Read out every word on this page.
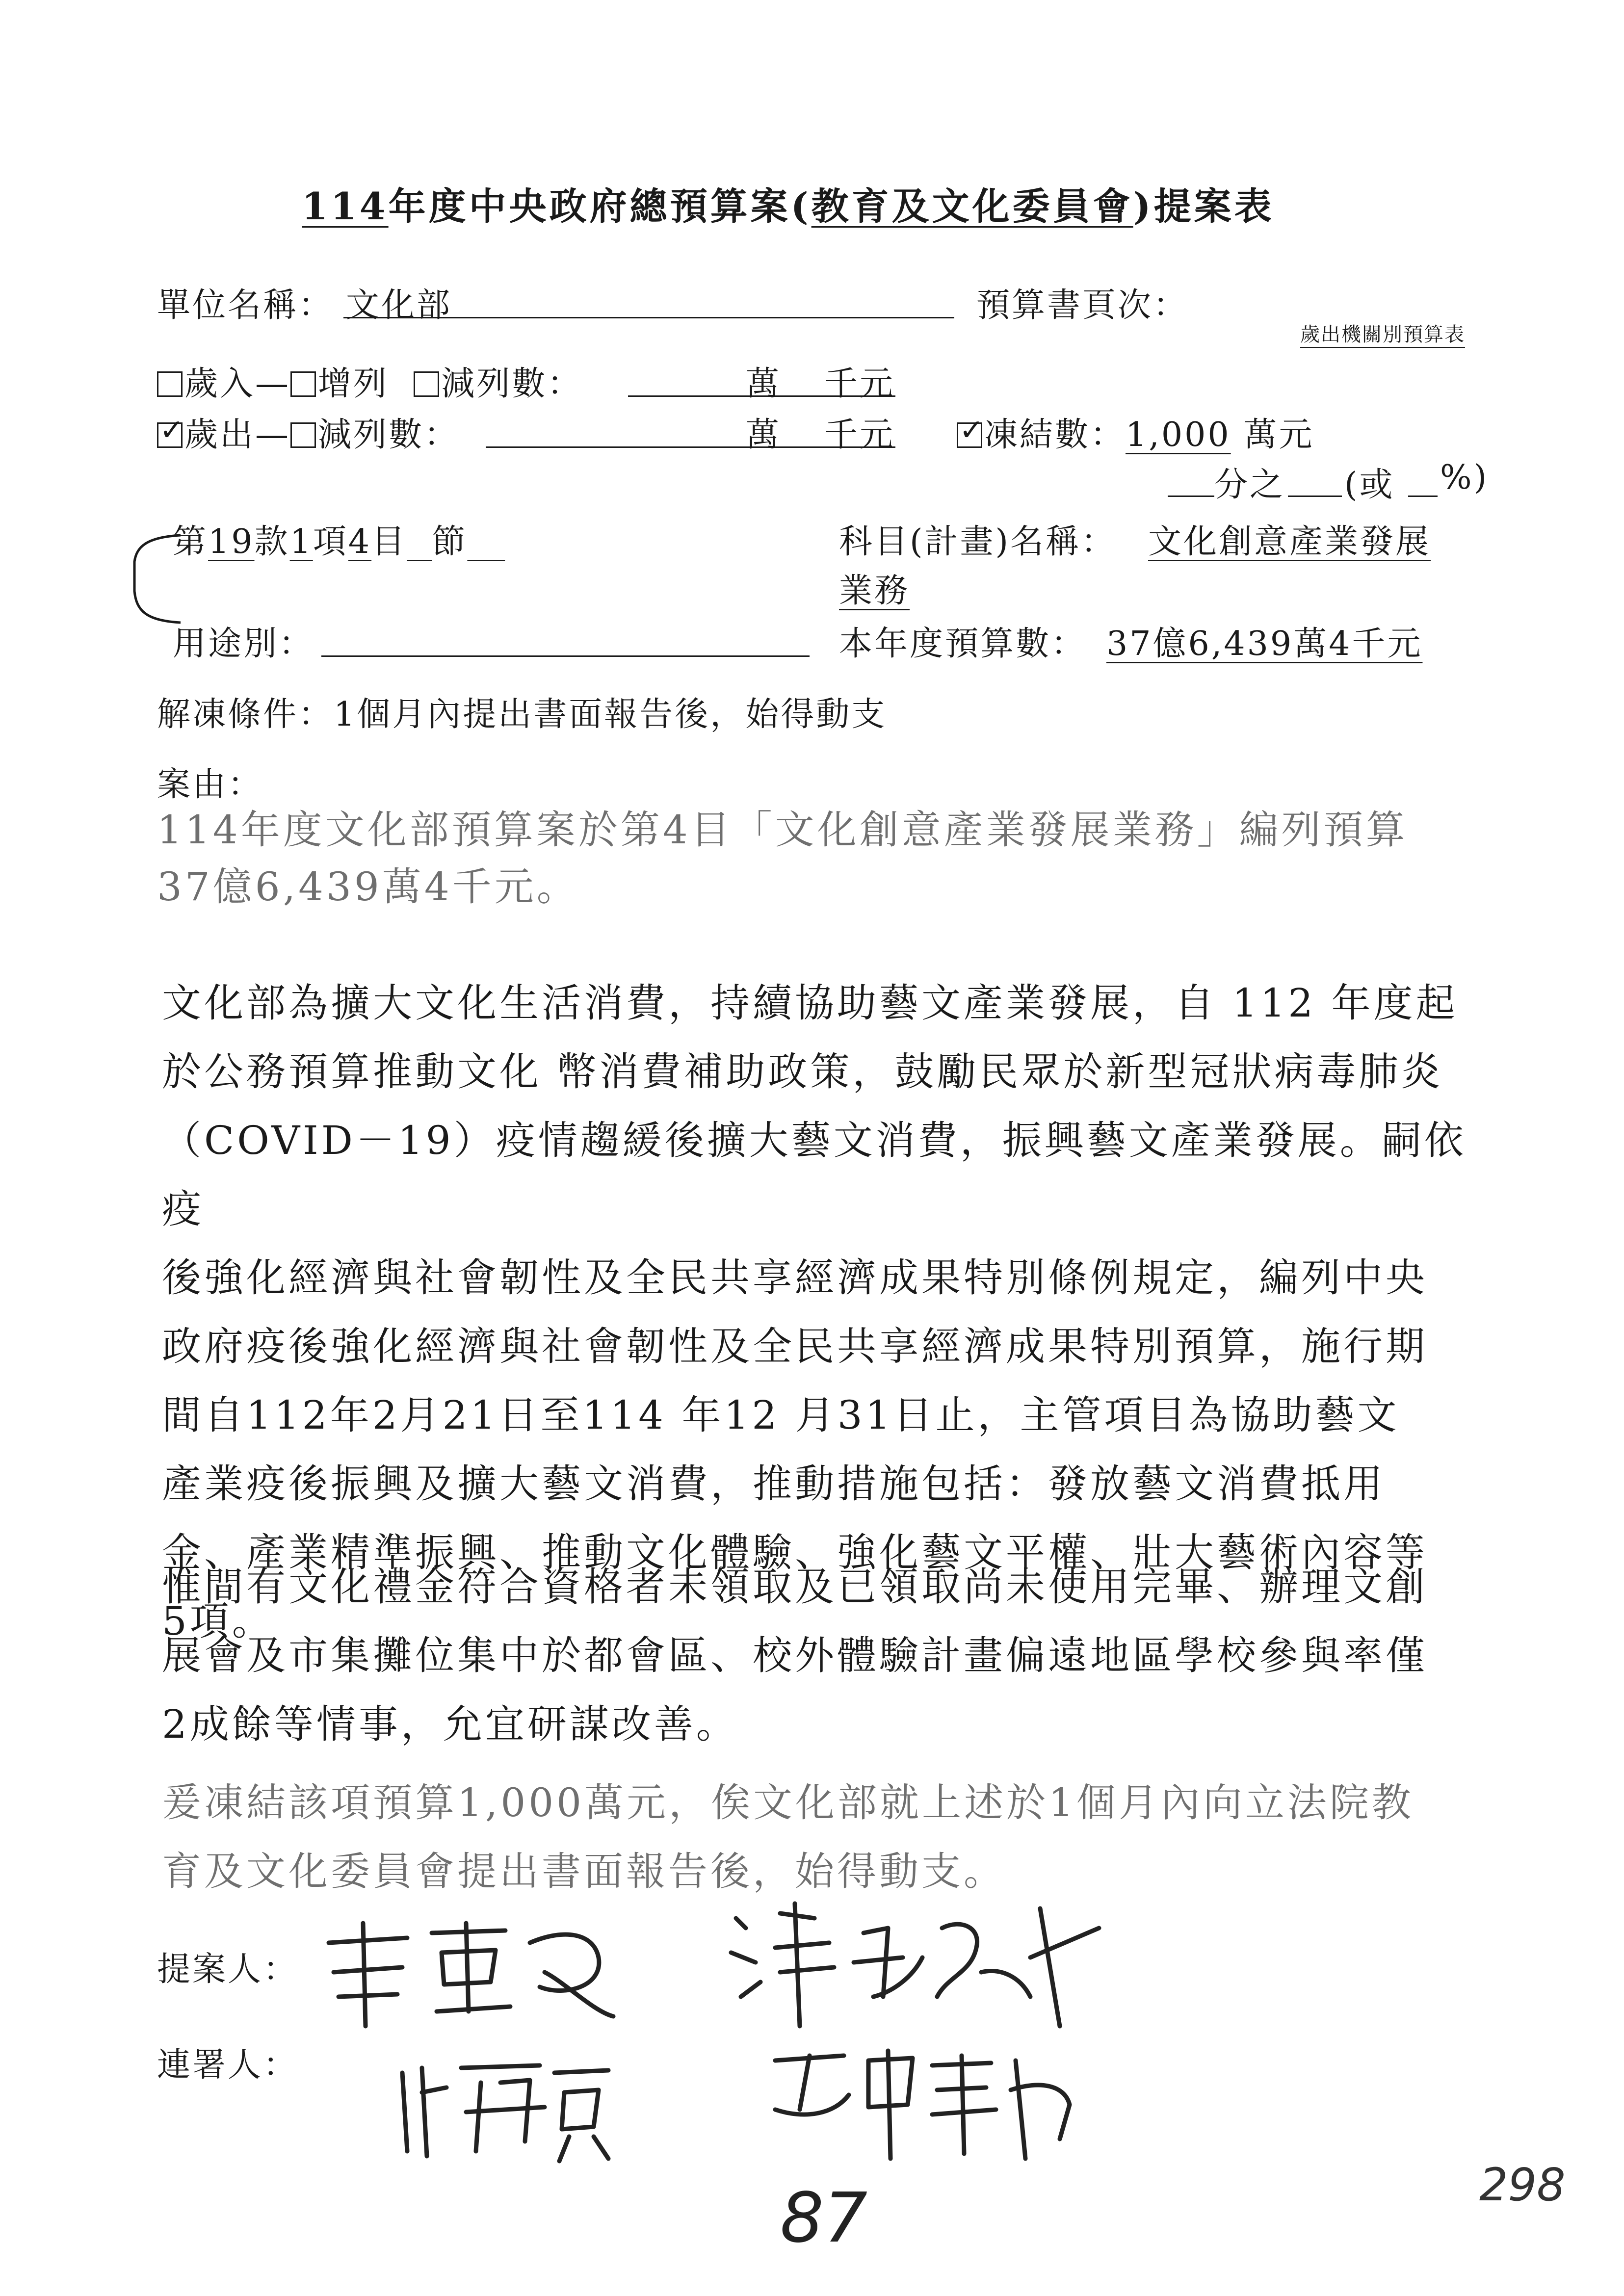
114年度中央政府總預算案(教育及文化委員會)提案表
單位名稱： 文化部	預算書頁次：
歲出機關別預算表
歲入— 增列 減列數：	萬 千元
✓歲出— 減列數：	萬 千元
✓	凍結數：1,000 萬元
分之 (或 %)
第19款1項4目 節	科目(計畫)名稱： 文化創意產業發展
業務
用途別：	本年度預算數： 37億6,439萬4千元
解凍條件：1個月內提出書面報告後，始得動支
案由：
114年度文化部預算案於第4目「文化創意產業發展業務」編列預算
37億6,439萬4千元。
文化部為擴大文化生活消費，持續協助藝文產業發展，自 112 年度起
於公務預算推動文化 幣消費補助政策，鼓勵民眾於新型冠狀病毒肺炎
（COVID－19）疫情趨緩後擴大藝文消費，振興藝文產業發展。嗣依疫
後強化經濟與社會韌性及全民共享經濟成果特別條例規定，編列中央
政府疫後強化經濟與社會韌性及全民共享經濟成果特別預算，施行期
間自112年2月21日至114 年12 月31日止，主管項目為協助藝文
產業疫後振興及擴大藝文消費，推動措施包括：發放藝文消費抵用
金、產業精準振興、推動文化體驗、強化藝文平權、壯大藝術內容等
5項。
惟間有文化禮金符合資格者未領取及已領取尚未使用完畢、辦理文創
展會及市集攤位集中於都會區、校外體驗計畫偏遠地區學校參與率僅
2成餘等情事，允宜研謀改善。
爰凍結該項預算1,000萬元，俟文化部就上述於1個月內向立法院教
育及文化委員會提出書面報告後，始得動支。
提案人：
連署人：
87	298
